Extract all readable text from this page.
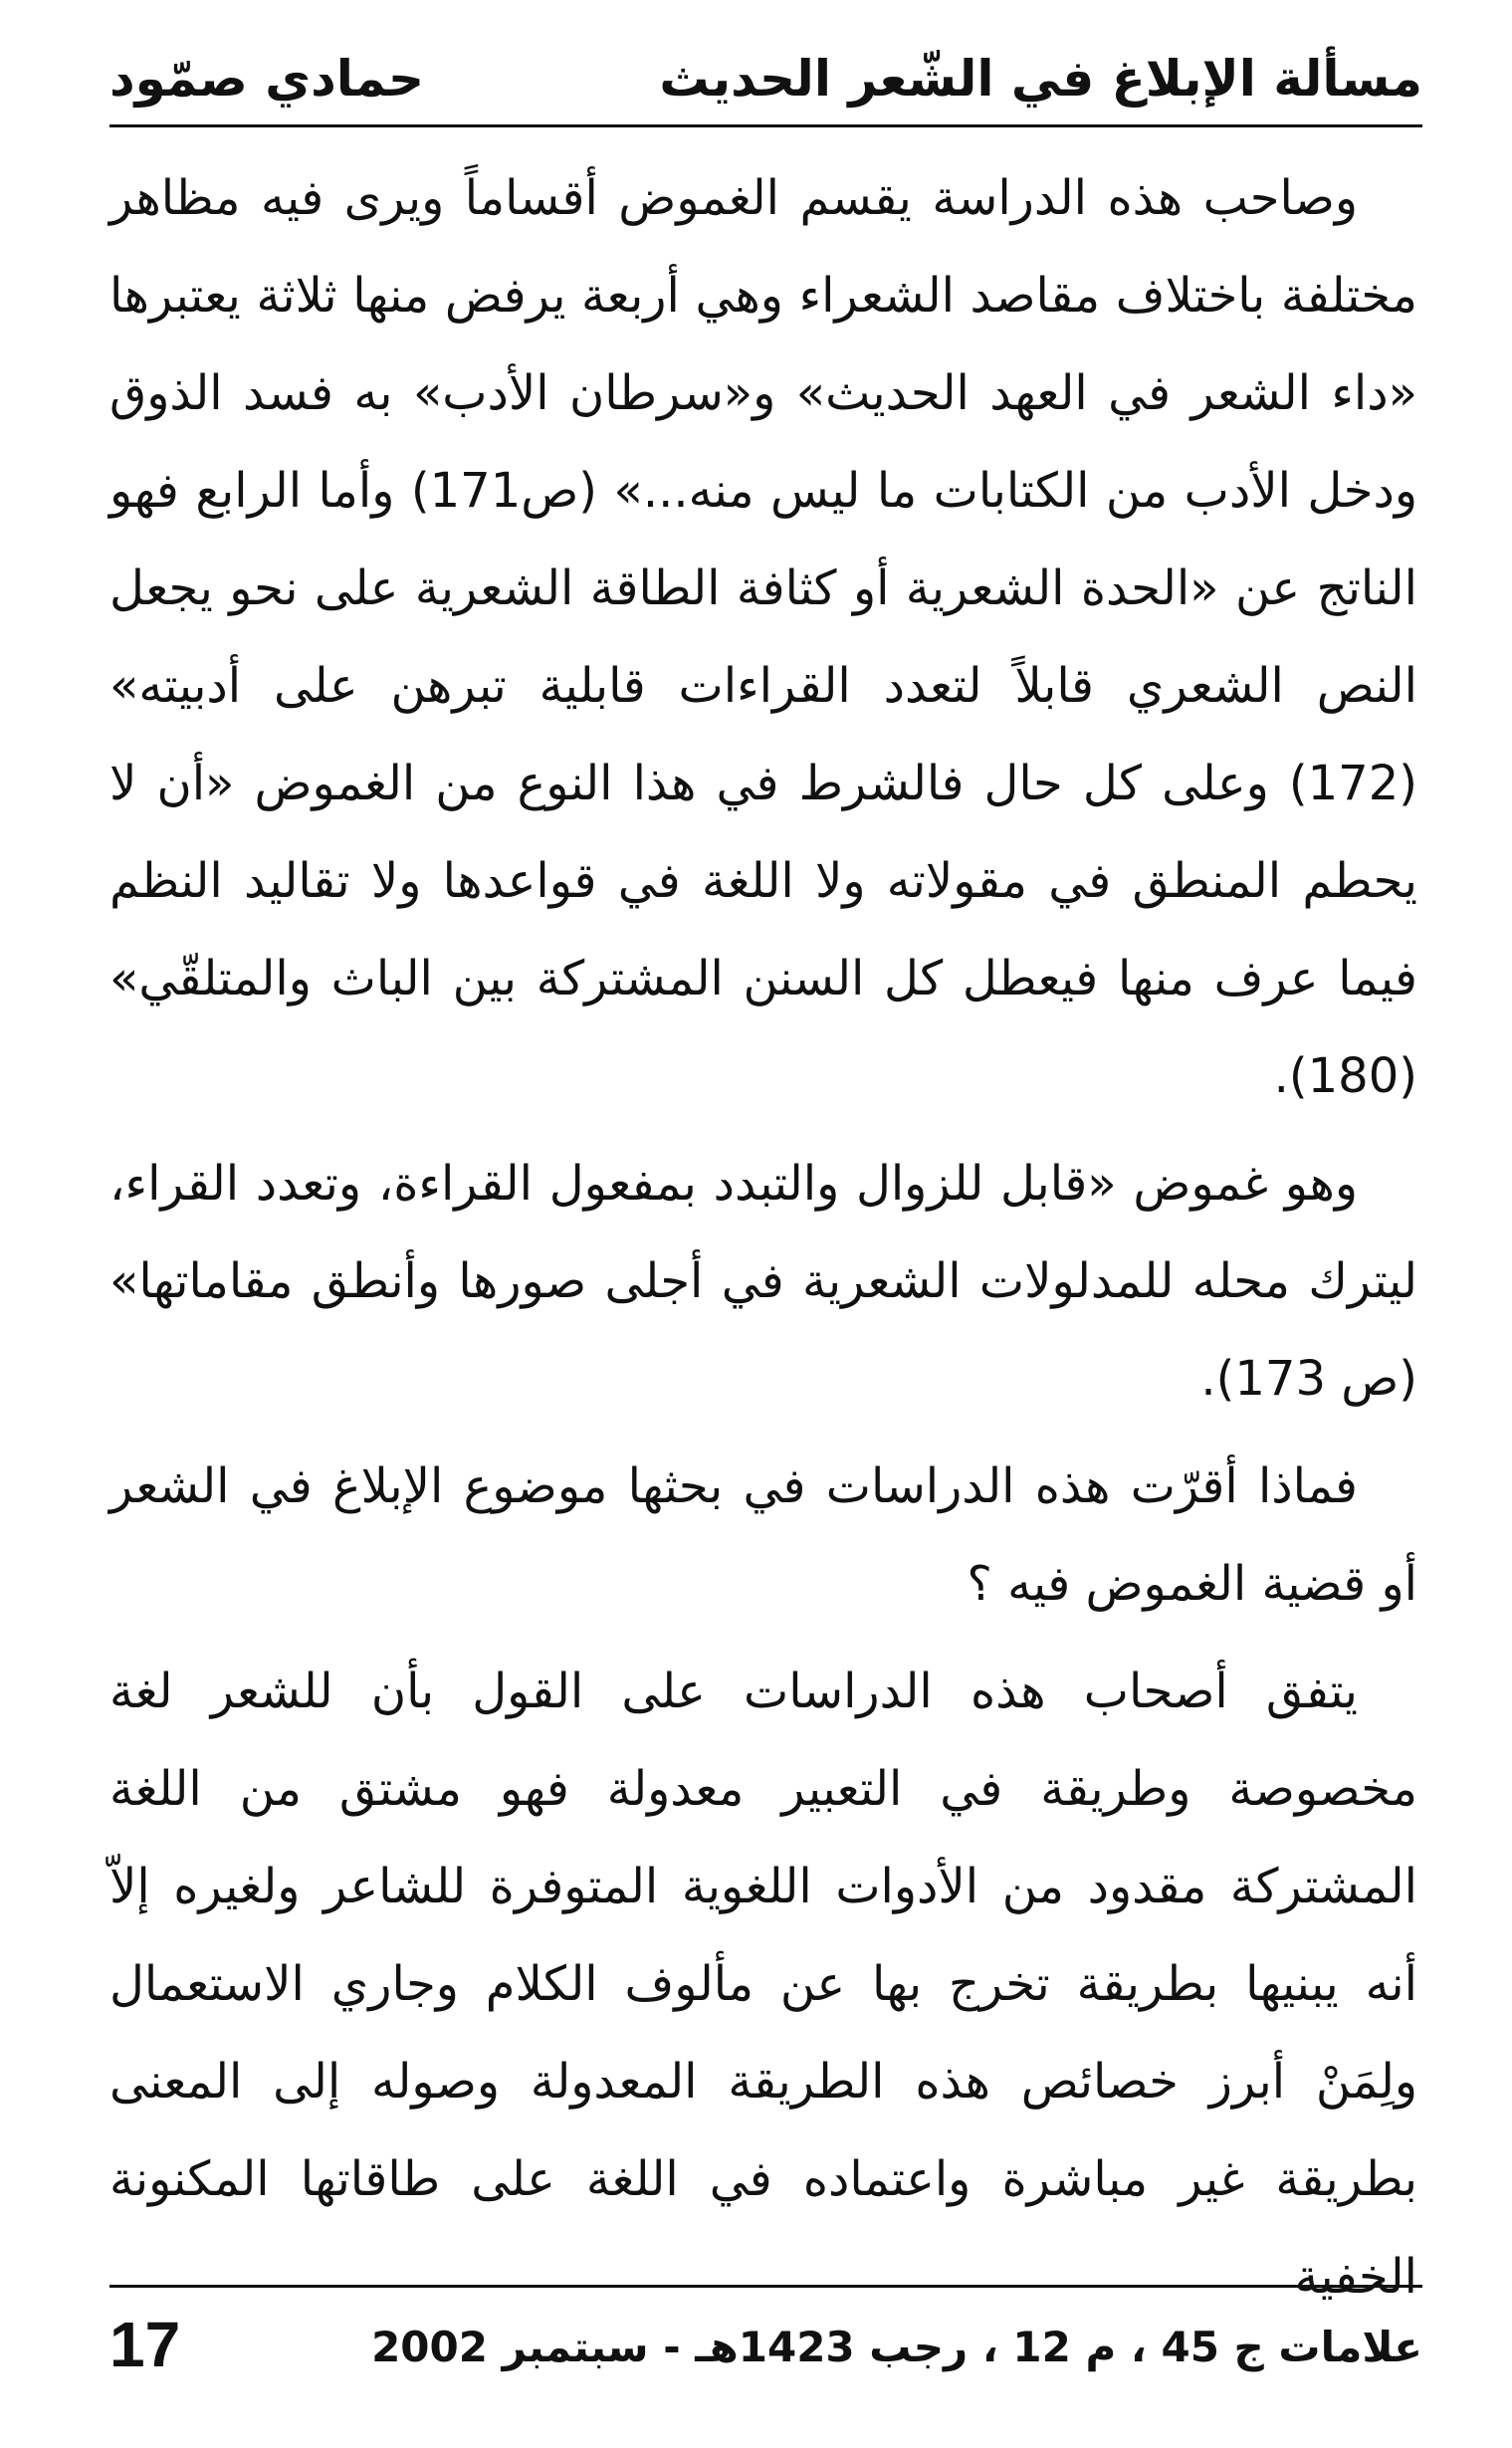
مسألة الإبلاغ في الشّعر الحديث
حمادي صمّود

وصاحب هذه الدراسة يقسم الغموض أقساماً ويرى فيه مظاهر مختلفة باختلاف مقاصد الشعراء وهي أربعة يرفض منها ثلاثة يعتبرها «داء الشعر في العهد الحديث» و«سرطان الأدب» به فسد الذوق ودخل الأدب من الكتابات ما ليس منه...» (ص171) وأما الرابع فهو الناتج عن «الحدة الشعرية أو كثافة الطاقة الشعرية على نحو يجعل النص الشعري قابلاً لتعدد القراءات قابلية تبرهن على أدبيته» (172) وعلى كل حال فالشرط في هذا النوع من الغموض «أن لا يحطم المنطق في مقولاته ولا اللغة في قواعدها ولا تقاليد النظم فيما عرف منها فيعطل كل السنن المشتركة بين الباث والمتلقّي» (180).

وهو غموض «قابل للزوال والتبدد بمفعول القراءة، وتعدد القراء، ليترك محله للمدلولات الشعرية في أجلى صورها وأنطق مقاماتها» (ص 173).

فماذا أقرّت هذه الدراسات في بحثها موضوع الإبلاغ في الشعر أو قضية الغموض فيه ؟

يتفق أصحاب هذه الدراسات على القول بأن للشعر لغة مخصوصة وطريقة في التعبير معدولة فهو مشتق من اللغة المشتركة مقدود من الأدوات اللغوية المتوفرة للشاعر ولغيره إلاّ أنه يبنيها بطريقة تخرج بها عن مألوف الكلام وجاري الاستعمال ولِمَنْ أبرز خصائص هذه الطريقة المعدولة وصوله إلى المعنى بطريقة غير مباشرة واعتماده في اللغة على طاقاتها المكنونة الخفية

17	علامات ج 45 ، م 12 ، رجب 1423هـ - سبتمبر 2002
